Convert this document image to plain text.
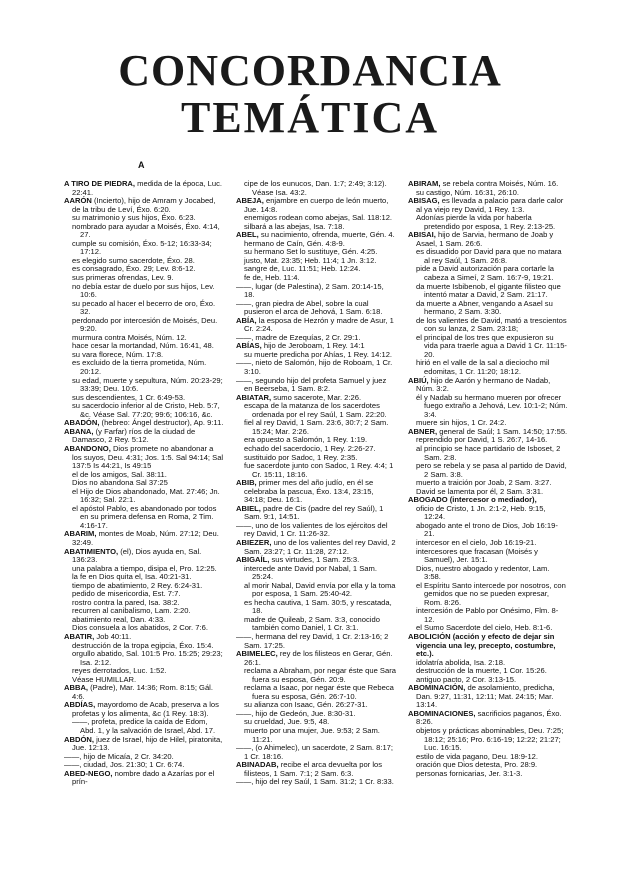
CONCORDANCIA
TEMÁTICA
A

A TIRO DE PIEDRA, medida de la época, Luc. 22:41.

AARÓN (Incierto), hijo de Amram y Jocabed, de la tribu de Leví, Éxo. 6:20.

su matrimonio y sus hijos, Éxo. 6:23.

nombrado para ayudar a Moisés, Éxo. 4:14, 27.

cumple su comisión, Éxo. 5-12; 16:33-34; 17:12.

es elegido sumo sacerdote, Éxo. 28.

es consagrado, Éxo. 29; Lev. 8:6-12.

sus primeras ofrendas, Lev. 9.

no debía estar de duelo por sus hijos, Lev. 10:6.

su pecado al hacer el becerro de oro, Éxo. 32.

perdonado por intercesión de Moisés, Deu. 9:20.

murmura contra Moisés, Núm. 12.

hace cesar la mortandad, Núm. 16:41, 48.

su vara florece, Núm. 17:8.

es excluido de la tierra prometida, Núm. 20:12.

su edad, muerte y sepultura, Núm. 20:23-29; 33:39; Deu. 10:6.

sus descendientes, 1 Cr. 6:49-53.

su sacerdocio inferior al de Cristo, Heb. 5:7, &c. Véase Sal. 77:20; 99:6; 106:16, &c.

ABADÓN, (hebreo: Ángel destructor), Ap. 9:11.

ABANA, (y Farfar) ríos de la ciudad de Damasco, 2 Rey. 5:12.

ABANDONO, Dios promete no abandonar a los suyos, Deu. 4:31; Jos. 1:5. Sal 94:14; Sal 137:5 Is 44:21, Is 49:15

el de los amigos, Sal. 38:11.

Dios no abandona Sal 37:25

el Hijo de Dios abandonado, Mat. 27:46; Jn. 16:32; Sal. 22:1.

el apóstol Pablo, es abandonado por todos en su primera defensa en Roma, 2 Tim. 4:16-17.

ABARIM, montes de Moab, Núm. 27:12; Deu. 32:49.

ABATIMIENTO, (el), Dios ayuda en, Sal. 136:23.

una palabra a tiempo, disipa el, Pro. 12:25.

la fe en Dios quita el, Isa. 40:21-31.

tiempo de abatimiento, 2 Rey. 6:24-31.

pedido de misericordia, Est. 7:7.

rostro contra la pared, Isa. 38:2.

recurren al canibalismo, Lam. 2:20.

abatimiento real, Dan. 4:33.

Dios consuela a los abatidos, 2 Cor. 7:6.

ABATIR, Job 40:11.

destrucción de la tropa egipcia, Éxo. 15:4.

orgullo abatido, Sal. 101:5 Pro. 15:25; 29:23; Isa. 2:12.

reyes derrotados, Luc. 1:52.

Véase HUMILLAR.

ABBA, (Padre), Mar. 14:36; Rom. 8:15; Gál. 4:6.

ABDÍAS, mayordomo de Acab, preserva a los profetas y los alimenta, &c (1 Rey. 18:3).

——, profeta, predice la caída de Edom, Abd. 1, y la salvación de Israel, Abd. 17.

ABDÓN, juez de Israel, hijo de Hilel, piratonita, Jue. 12:13.

——, hijo de Micaía, 2 Cr. 34:20.

——, ciudad, Jos. 21:30; 1 Cr. 6:74.

ABED-NEGO, nombre dado a Azarías por el prín-

cipe de los eunucos, Dan. 1:7; 2:49; 3:12). Véase Isa. 43:2.

ABEJA, enjambre en cuerpo de león muerto, Jue. 14:8.

enemigos rodean como abejas, Sal. 118:12.

silbará a las abejas, Isa. 7:18.

ABEL, su nacimiento, ofrenda, muerte, Gén. 4. hermano de Caín, Gén. 4:8-9.

su hermano Set lo sustituye, Gén. 4:25.

justo, Mat. 23:35; Heb. 11:4; 1 Jn. 3:12.

sangre de, Luc. 11:51; Heb. 12:24.

fe de, Heb. 11:4.

——, lugar (de Palestina), 2 Sam. 20:14-15, 18.

——, gran piedra de Abel, sobre la cual pusieron el arca de Jehová, 1 Sam. 6:18.

ABÍA, la esposa de Hezrón y madre de Asur, 1 Cr. 2:24.

——, madre de Ezequías, 2 Cr. 29:1.

ABÍAS, hijo de Jeroboam, 1 Rey. 14:1

su muerte predicha por Ahías, 1 Rey. 14:12.

——, nieto de Salomón, hijo de Roboam, 1 Cr. 3:10.

——, segundo hijo del profeta Samuel y juez en Beerseba, 1 Sam. 8:2.

ABIATAR, sumo sacerote, Mar. 2:26.

escapa de la matanza de los sacerdotes ordenada por el rey Saúl, 1 Sam. 22:20.

fiel al rey David, 1 Sam. 23:6, 30:7; 2 Sam. 15:24; Mar. 2:26.

era opuesto a Salomón, 1 Rey. 1:19.

echado del sacerdocio, 1 Rey. 2:26-27.

sustituido por Sadoc, 1 Rey. 2:35.

fue sacerdote junto con Sadoc, 1 Rey. 4:4; 1 Cr. 15:11, 18:16.

ABIB, primer mes del año judío, en él se celebraba la pascua, Éxo. 13:4, 23:15, 34:18; Deu. 16:1.

ABIEL, padre de Cis (padre del rey Saúl), 1 Sam. 9:1, 14:51.

——, uno de los valientes de los ejércitos del rey David, 1 Cr. 11:26-32.

ABIEZER, uno de los valientes del rey David, 2 Sam. 23:27; 1 Cr. 11:28, 27:12.

ABIGAÍL, sus virtudes, 1 Sam. 25:3.

intercede ante David por Nabal, 1 Sam. 25:24.

al morir Nabal, David envía por ella y la toma por esposa, 1 Sam. 25:40-42.

es hecha cautiva, 1 Sam. 30:5, y rescatada, 18.

madre de Quileab, 2 Sam. 3:3, conocido también como Daniel, 1 Cr. 3:1.

——, hermana del rey David, 1 Cr. 2:13-16; 2 Sam. 17:25.

ABIMELEC, rey de los filisteos en Gerar, Gén. 26:1.

reclama a Abraham, por negar éste que Sara fuera su esposa, Gén. 20:9.

reclama a Isaac, por negar éste que Rebeca fuera su esposa, Gén. 26:7-10.

su alianza con Isaac, Gén. 26:27-31.

——, hijo de Gedeón, Jue. 8:30-31.

su crueldad, Jue. 9:5, 48.

muerto por una mujer, Jue. 9:53; 2 Sam. 11:21.

——, (o Ahimelec), un sacerdote, 2 Sam. 8:17; 1 Cr. 18:16.

ABINADAB, recibe el arca devuelta por los filisteos, 1 Sam. 7:1; 2 Sam. 6:3.

——, hijo del rey Saúl, 1 Sam. 31:2; 1 Cr. 8:33.

ABIRAM, se rebela contra Moisés, Núm. 16.

su castigo, Núm. 16:31, 26:10.

ABISAG, es llevada a palacio para darle calor al ya viejo rey David, 1 Rey. 1:3.

Adonías pierde la vida por haberla pretendido por esposa, 1 Rey. 2:13-25.

ABISAI, hijo de Sarvia, hermano de Joab y Asael, 1 Sam. 26:6.

es disuadido por David para que no matara al rey Saúl, 1 Sam. 26:8.

pide a David autorización para cortarle la cabeza a Simeí, 2 Sam. 16:7-9, 19:21.

da muerte Isbibenob, el gigante filisteo que intentó matar a David, 2 Sam. 21:17.

da muerte a Abner, vengando a Asael su hermano, 2 Sam. 3:30.

de los valientes de David, mató a trescientos con su lanza, 2 Sam. 23:18;

el principal de los tres que expusieron su vida para traerle agua a David 1 Cr. 11:15-20.

hirió en el valle de la sal a dieciocho mil edomitas, 1 Cr. 11:20; 18:12.

ABIÚ, hijo de Aarón y hermano de Nadab, Núm. 3:2.

él y Nadab su hermano mueren por ofrecer fuego extraño a Jehová, Lev. 10:1-2; Núm. 3:4.

muere sin hijos, 1 Cr. 24:2.

ABNER, general de Saúl; 1 Sam. 14:50; 17:55.

reprendido por David, 1 S. 26:7, 14-16.

al principio se hace partidario de Isboset, 2 Sam. 2:8.

pero se rebela y se pasa al partido de David, 2 Sam. 3:8.

muerto a traición por Joab, 2 Sam. 3:27.

David se lamenta por él, 2 Sam. 3:31.

ABOGADO (intercesor o mediador),

oficio de Cristo, 1 Jn. 2:1-2, Heb. 9:15, 12:24.

abogado ante el trono de Dios, Job 16:19-21.

intercesor en el cielo, Job 16:19-21.

intercesores que fracasan (Moisés y Samuel), Jer. 15:1.

Dios, nuestro abogado y redentor, Lam. 3:58.

el Espíritu Santo intercede por nosotros, con gemidos que no se pueden expresar, Rom. 8:26.

intercesión de Pablo por Onésimo, Flm. 8-12.

el Sumo Sacerdote del cielo, Heb. 8:1-6.

ABOLICIÓN (acción y efecto de dejar sin vigencia una ley, precepto, costumbre, etc.).

idolatría abolida, Isa. 2:18.

destrucción de la muerte, 1 Cor. 15:26.

antiguo pacto, 2 Cor. 3:13-15.

ABOMINACIÓN, de asolamiento, predicha, Dan. 9:27, 11:31, 12:11; Mat. 24:15; Mar. 13:14.

ABOMINACIONES, sacrificios paganos, Éxo. 8:26.

objetos y prácticas abominables, Deu. 7:25; 18:12; 25:16; Pro. 6:16-19; 12:22; 21:27; Luc. 16:15.

estilo de vida pagano, Deu. 18:9-12.

oración que Dios detesta, Pro. 28:9.

personas fornicarias, Jer. 3:1-3.
